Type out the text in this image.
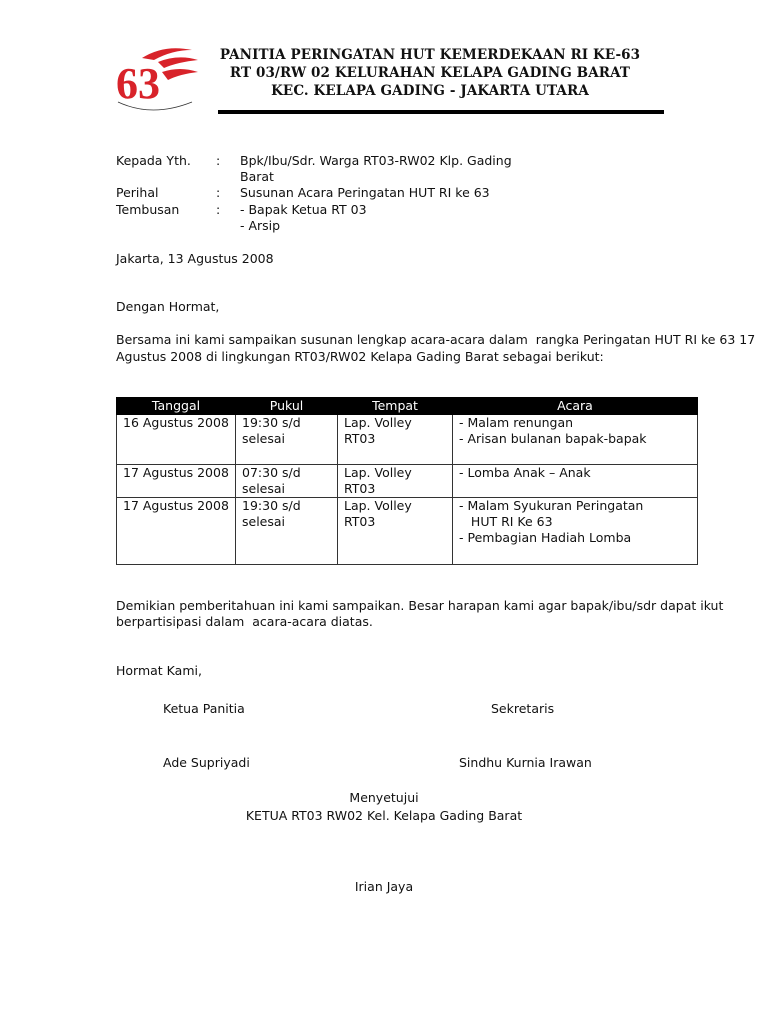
63
PANITIA PERINGATAN HUT KEMERDEKAAN RI KE-63
RT 03/RW 02 KELURAHAN KELAPA GADING BARAT
KEC. KELAPA GADING - JAKARTA UTARA
Kepada Yth. : Bpk/Ibu/Sdr. Warga RT03-RW02 Klp. Gading
Barat
Perihal	: Susunan Acara Peringatan HUT RI ke 63
Tembusan	: - Bapak Ketua RT 03
- Arsip
Jakarta, 13 Agustus 2008
Dengan Hormat,
Bersama ini kami sampaikan susunan lengkap acara-acara dalam  rangka Peringatan HUT RI ke 63 17
Agustus 2008 di lingkungan RT03/RW02 Kelapa Gading Barat sebagai berikut:
Tanggal	Pukul	Tempat	Acara
16 Agustus 2008	19:30 s/d selesai	Lap. Volley RT03	- Malam renungan
- Arisan bulanan bapak-bapak

17 Agustus 2008	07:30 s/d selesai	Lap. Volley RT03	- Lomba Anak – Anak

17 Agustus 2008	19:30 s/d selesai	Lap. Volley RT03	- Malam Syukuran Peringatan
HUT RI Ke 63
- Pembagian Hadiah Lomba
Demikian pemberitahuan ini kami sampaikan. Besar harapan kami agar bapak/ibu/sdr dapat ikut
berpartisipasi dalam  acara-acara diatas.
Hormat Kami,
Ketua Panitia	Sekretaris
Ade Supriyadi	Sindhu Kurnia Irawan
Menyetujui
KETUA RT03 RW02 Kel. Kelapa Gading Barat
Irian Jaya
